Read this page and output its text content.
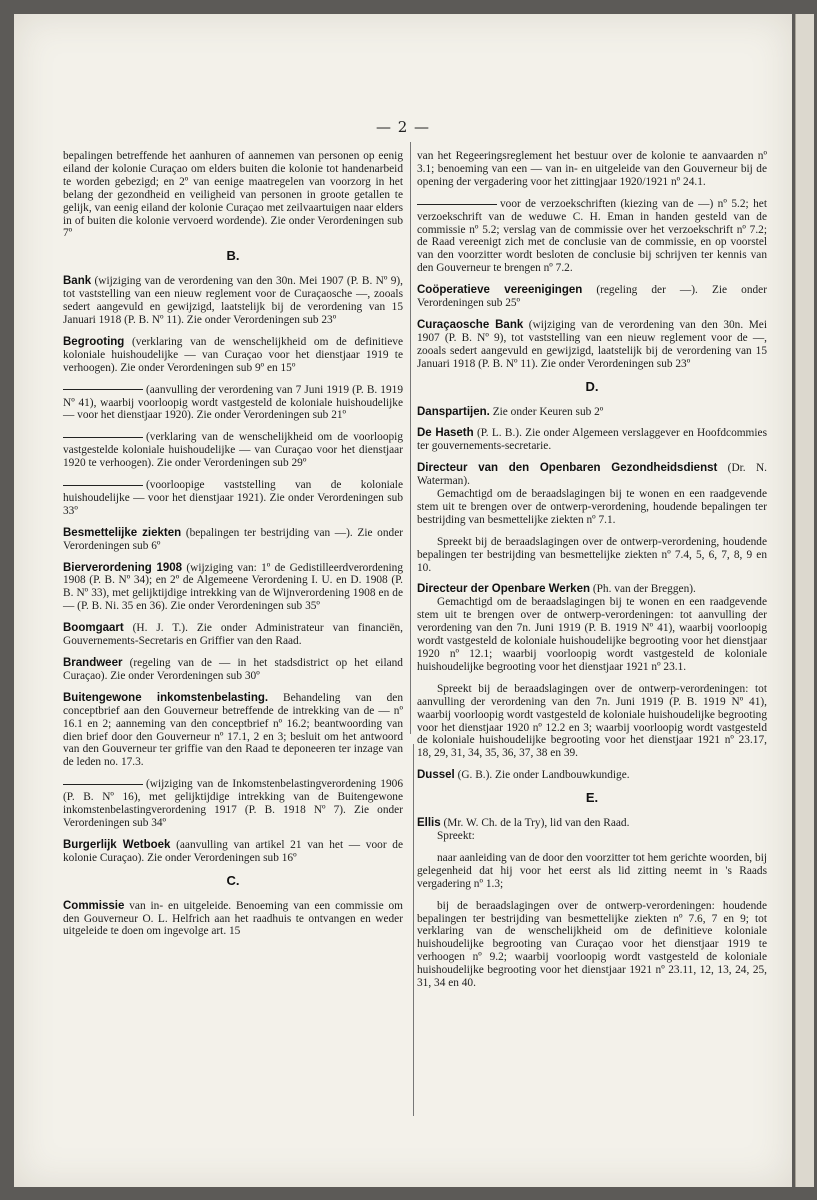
— 2 —
bepalingen betreffende het aanhuren of aannemen van personen op eenig eiland der kolonie Curaçao om elders buiten die kolonie tot handenarbeid te worden gebezigd; en 2º van eenige maatregelen van voorzorg in het belang der gezondheid en veiligheid van personen in groote getallen te gelijk, van eenig eiland der kolonie Curaçao met zeilvaartuigen naar elders in of buiten die kolonie vervoerd wordende). Zie onder Verordeningen sub 7º
B.
Bank (wijziging van de verordening van den 30n. Mei 1907 (P. B. Nº 9), tot vaststelling van een nieuw reglement voor de Curaçaosche —, zooals sedert aangevuld en gewijzigd, laatstelijk bij de verordening van 15 Januari 1918 (P. B. Nº 11). Zie onder Verordeningen sub 23º
Begrooting (verklaring van de wenschelijkheid om de definitieve koloniale huishoudelijke — van Curaçao voor het dienstjaar 1919 te verhoogen). Zie onder Verordeningen sub 9º en 15º
(aanvulling der verordening van 7 Juni 1919 (P. B. 1919 Nº 41), waarbij voorloopig wordt vastgesteld de koloniale huishoudelijke — voor het dienstjaar 1920). Zie onder Verordeningen sub 21º
(verklaring van de wenschelijkheid om de voorloopig vastgestelde koloniale huishoudelijke — van Curaçao voor het dienstjaar 1920 te verhoogen). Zie onder Verordeningen sub 29º
(voorloopige vaststelling van de koloniale huishoudelijke — voor het dienstjaar 1921). Zie onder Verordeningen sub 33º
Besmettelijke ziekten (bepalingen ter bestrijding van —). Zie onder Verordeningen sub 6º
Bierverordening 1908 (wijziging van: 1º de Gedistilleerdverordening 1908 (P. B. Nº 34); en 2º de Algemeene Verordening I. U. en D. 1908 (P. B. Nº 33), met gelijktijdige intrekking van de Wijnverordening 1908 en de — (P. B. Ni. 35 en 36). Zie onder Verordeningen sub 35º
Boomgaart (H. J. T.). Zie onder Administrateur van financiën, Gouvernements-Secretaris en Griffier van den Raad.
Brandweer (regeling van de — in het stadsdistrict op het eiland Curaçao). Zie onder Verordeningen sub 30º
Buitengewone inkomstenbelasting. Behandeling van den conceptbrief aan den Gouverneur betreffende de intrekking van de — nº 16.1 en 2; aanneming van den conceptbrief nº 16.2; beantwoording van dien brief door den Gouverneur nº 17.1, 2 en 3; besluit om het antwoord van den Gouverneur ter griffie van den Raad te deponeeren ter inzage van de leden no. 17.3.
(wijziging van de Inkomstenbelastingverordening 1906 (P. B. Nº 16), met gelijktijdige intrekking van de Buitengewone inkomstenbelastingverordening 1917 (P. B. 1918 Nº 7). Zie onder Verordeningen sub 34º
Burgerlijk Wetboek (aanvulling van artikel 21 van het — voor de kolonie Curaçao). Zie onder Verordeningen sub 16º
C.
Commissie van in- en uitgeleide. Benoeming van een commissie om den Gouverneur O. L. Helfrich aan het raadhuis te ontvangen en weder uitgeleide te doen om ingevolge art. 15
van het Regeeringsreglement het bestuur over de kolonie te aanvaarden nº 3.1; benoeming van een — van in- en uitgeleide van den Gouverneur bij de opening der vergadering voor het zittingjaar 1920/1921 nº 24.1.
voor de verzoekschriften (kiezing van de —) nº 5.2; het verzoekschrift van de weduwe C. H. Eman in handen gesteld van de commissie nº 5.2; verslag van de commissie over het verzoekschrift nº 7.2; de Raad vereenigt zich met de conclusie van de commissie, en op voorstel van den voorzitter wordt besloten de conclusie bij schrijven ter kennis van den Gouverneur te brengen nº 7.2.
Coöperatieve vereenigingen (regeling der —). Zie onder Verordeningen sub 25º
Curaçaosche Bank (wijziging van de verordening van den 30n. Mei 1907 (P. B. Nº 9), tot vaststelling van een nieuw reglement voor de —, zooals sedert aangevuld en gewijzigd, laatstelijk bij de verordening van 15 Januari 1918 (P. B. Nº 11). Zie onder Verordeningen sub 23º
D.
Danspartijen. Zie onder Keuren sub 2º
De Haseth (P. L. B.). Zie onder Algemeen verslaggever en Hoofdcommies ter gouvernements-secretarie.
Directeur van den Openbaren Gezondheidsdienst (Dr. N. Waterman).
Gemachtigd om de beraadslagingen bij te wonen en een raadgevende stem uit te brengen over de ontwerp-verordening, houdende bepalingen ter bestrijding van besmettelijke ziekten nº 7.1.
Spreekt bij de beraadslagingen over de ontwerp-verordening, houdende bepalingen ter bestrijding van besmettelijke ziekten nº 7.4, 5, 6, 7, 8, 9 en 10.
Directeur der Openbare Werken (Ph. van der Breggen).
Gemachtigd om de beraadslagingen bij te wonen en een raadgevende stem uit te brengen over de ontwerp-verordeningen: tot aanvulling der verordening van den 7n. Juni 1919 (P. B. 1919 Nº 41), waarbij voorloopig wordt vastgesteld de koloniale huishoudelijke begrooting voor het dienstjaar 1920 nº 12.1; waarbij voorloopig wordt vastgesteld de koloniale huishoudelijke begrooting voor het dienstjaar 1921 nº 23.1.
Spreekt bij de beraadslagingen over de ontwerp-verordeningen: tot aanvulling der verordening van den 7n. Juni 1919 (P. B. 1919 Nº 41), waarbij voorloopig wordt vastgesteld de koloniale huishoudelijke begrooting voor het dienstjaar 1920 nº 12.2 en 3; waarbij voorloopig wordt vastgesteld de koloniale huishoudelijke begrooting voor het dienstjaar 1921 nº 23.17, 18, 29, 31, 34, 35, 36, 37, 38 en 39.
Dussel (G. B.). Zie onder Landbouwkundige.
E.
Ellis (Mr. W. Ch. de la Try), lid van den Raad.
Spreekt:
naar aanleiding van de door den voorzitter tot hem gerichte woorden, bij gelegenheid dat hij voor het eerst als lid zitting neemt in 's Raads vergadering nº 1.3;
bij de beraadslagingen over de ontwerp-verordeningen: houdende bepalingen ter bestrijding van besmettelijke ziekten nº 7.6, 7 en 9; tot verklaring van de wenschelijkheid om de definitieve koloniale huishoudelijke begrooting van Curaçao voor het dienstjaar 1919 te verhoogen nº 9.2; waarbij voorloopig wordt vastgesteld de koloniale huishoudelijke begrooting voor het dienstjaar 1921 nº 23.11, 12, 13, 24, 25, 31, 34 en 40.
